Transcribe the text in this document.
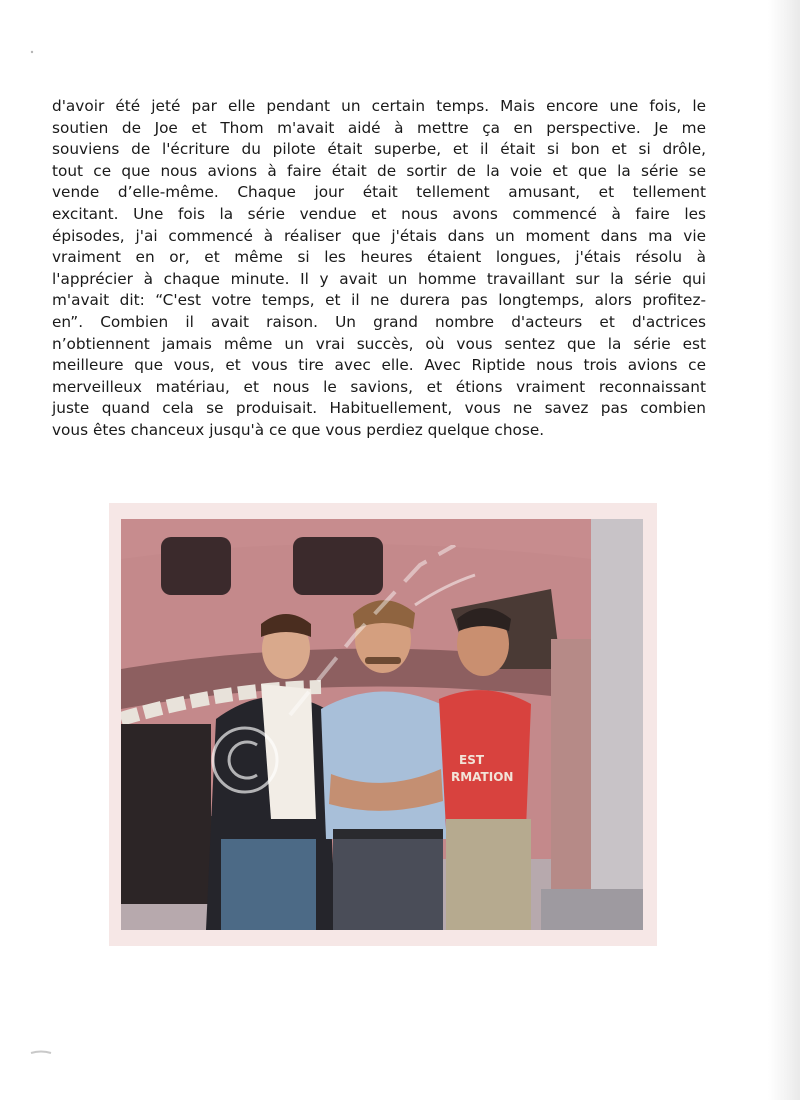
d'avoir été jeté par elle pendant un certain temps. Mais encore une fois, le
soutien de Joe et Thom m'avait aidé à mettre ça en perspective. Je me
souviens de l'écriture du pilote était superbe, et il était si bon et si drôle,
tout ce que nous avions à faire était de sortir de la voie et que la série se
vende d’elle-même. Chaque jour était tellement amusant, et tellement
excitant. Une fois la série vendue et nous avons commencé à faire les
épisodes, j'ai commencé à réaliser que j'étais dans un moment dans ma vie
vraiment en or, et même si les heures étaient longues, j'étais résolu à
l'apprécier à chaque minute. Il y avait un homme travaillant sur la série qui
m'avait dit: “C'est votre temps, et il ne durera pas longtemps, alors profitez-
en”. Combien il avait raison. Un grand nombre d'acteurs et d'actrices
n’obtiennent jamais même un vrai succès, où vous sentez que la série est
meilleure que vous, et vous tire avec elle. Avec Riptide nous trois avions ce
merveilleux matériau, et nous le savions, et étions vraiment reconnaissant
juste quand cela se produisait. Habituellement, vous ne savez pas combien
vous êtes chanceux jusqu'à ce que vous perdiez quelque chose.
EST
RMATION
